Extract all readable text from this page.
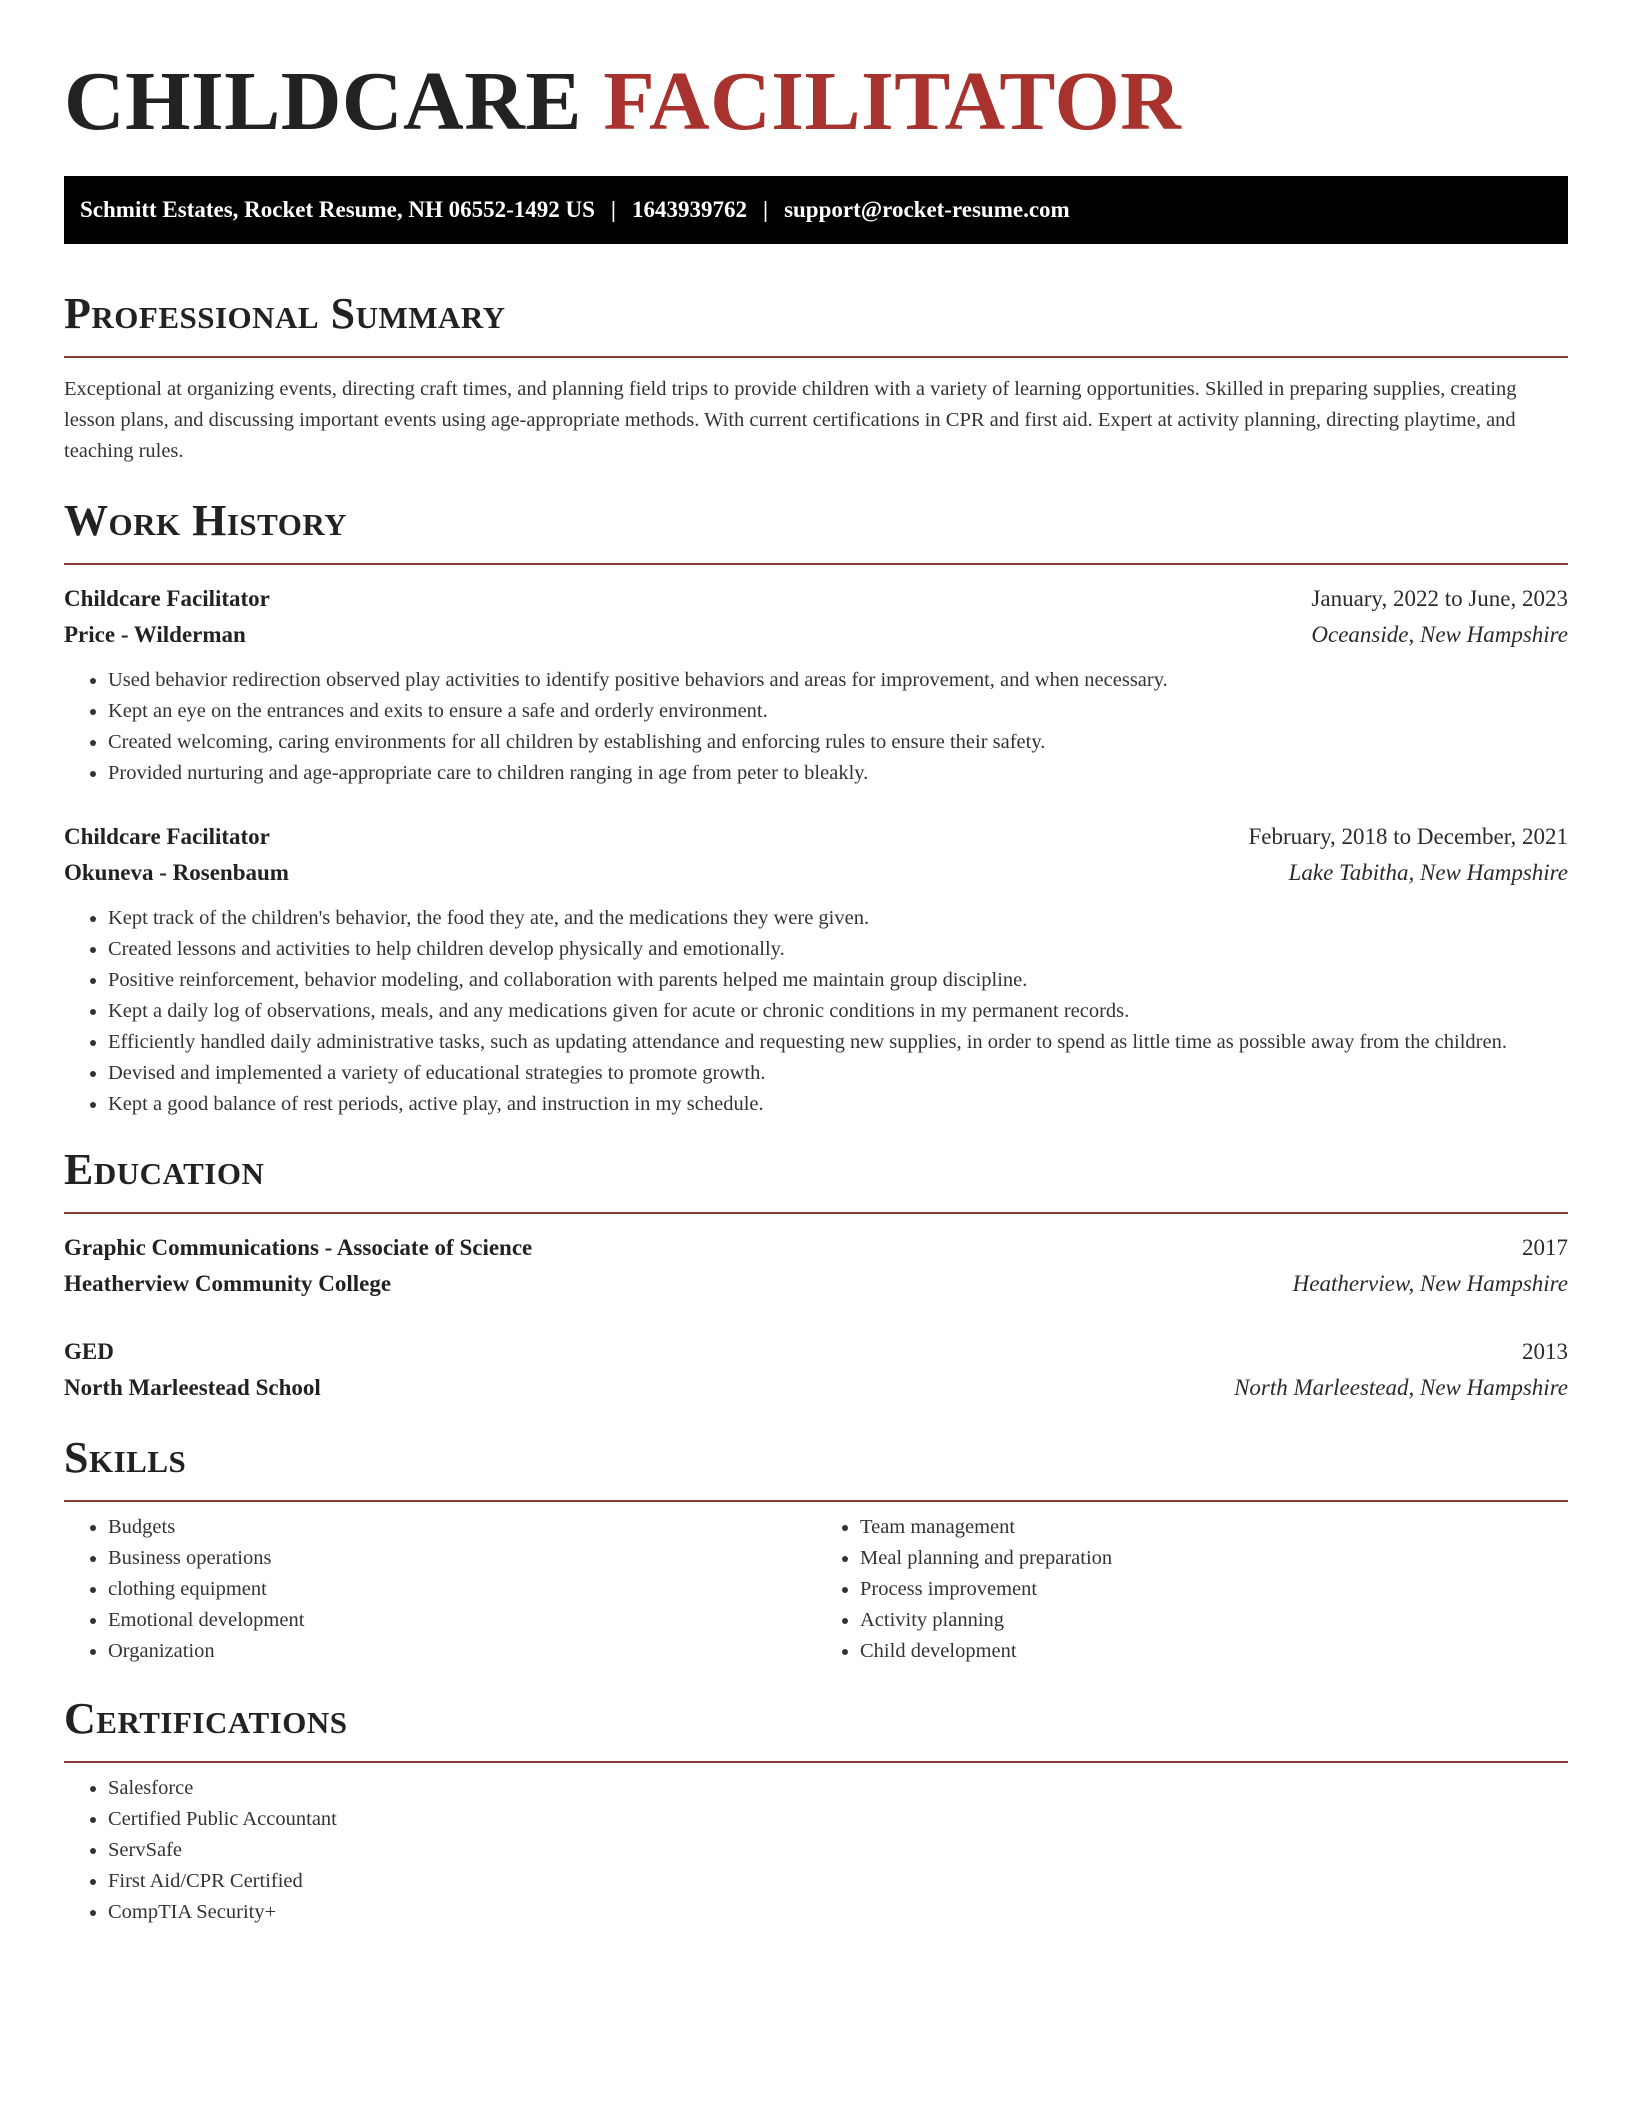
CHILDCARE FACILITATOR
Schmitt Estates, Rocket Resume, NH 06552-1492 US | 1643939762 | support@rocket-resume.com
Professional Summary

Exceptional at organizing events, directing craft times, and planning field trips to provide children with a variety of learning opportunities. Skilled in preparing supplies, creating lesson plans, and discussing important events using age-appropriate methods. With current certifications in CPR and first aid. Expert at activity planning, directing playtime, and teaching rules.

Work History
Childcare Facilitator	January, 2022 to June, 2023
Price - Wilderman	Oceanside, New Hampshire
• Used behavior redirection observed play activities to identify positive behaviors and areas for improvement, and when necessary.
• Kept an eye on the entrances and exits to ensure a safe and orderly environment.
• Created welcoming, caring environments for all children by establishing and enforcing rules to ensure their safety.
• Provided nurturing and age-appropriate care to children ranging in age from peter to bleakly.
Childcare Facilitator	February, 2018 to December, 2021
Okuneva - Rosenbaum	Lake Tabitha, New Hampshire
• Kept track of the children's behavior, the food they ate, and the medications they were given.
• Created lessons and activities to help children develop physically and emotionally.
• Positive reinforcement, behavior modeling, and collaboration with parents helped me maintain group discipline.
• Kept a daily log of observations, meals, and any medications given for acute or chronic conditions in my permanent records.
• Efficiently handled daily administrative tasks, such as updating attendance and requesting new supplies, in order to spend as little time as possible away from the children.
• Devised and implemented a variety of educational strategies to promote growth.
• Kept a good balance of rest periods, active play, and instruction in my schedule.
Education
Graphic Communications - Associate of Science	2017
Heatherview Community College	Heatherview, New Hampshire
GED	2013
North Marleestead School	North Marleestead, New Hampshire
Skills
• Budgets
• Business operations
• clothing equipment
• Emotional development
• Organization
• Team management
• Meal planning and preparation
• Process improvement
• Activity planning
• Child development
Certifications
• Salesforce
• Certified Public Accountant
• ServSafe
• First Aid/CPR Certified
• CompTIA Security+
